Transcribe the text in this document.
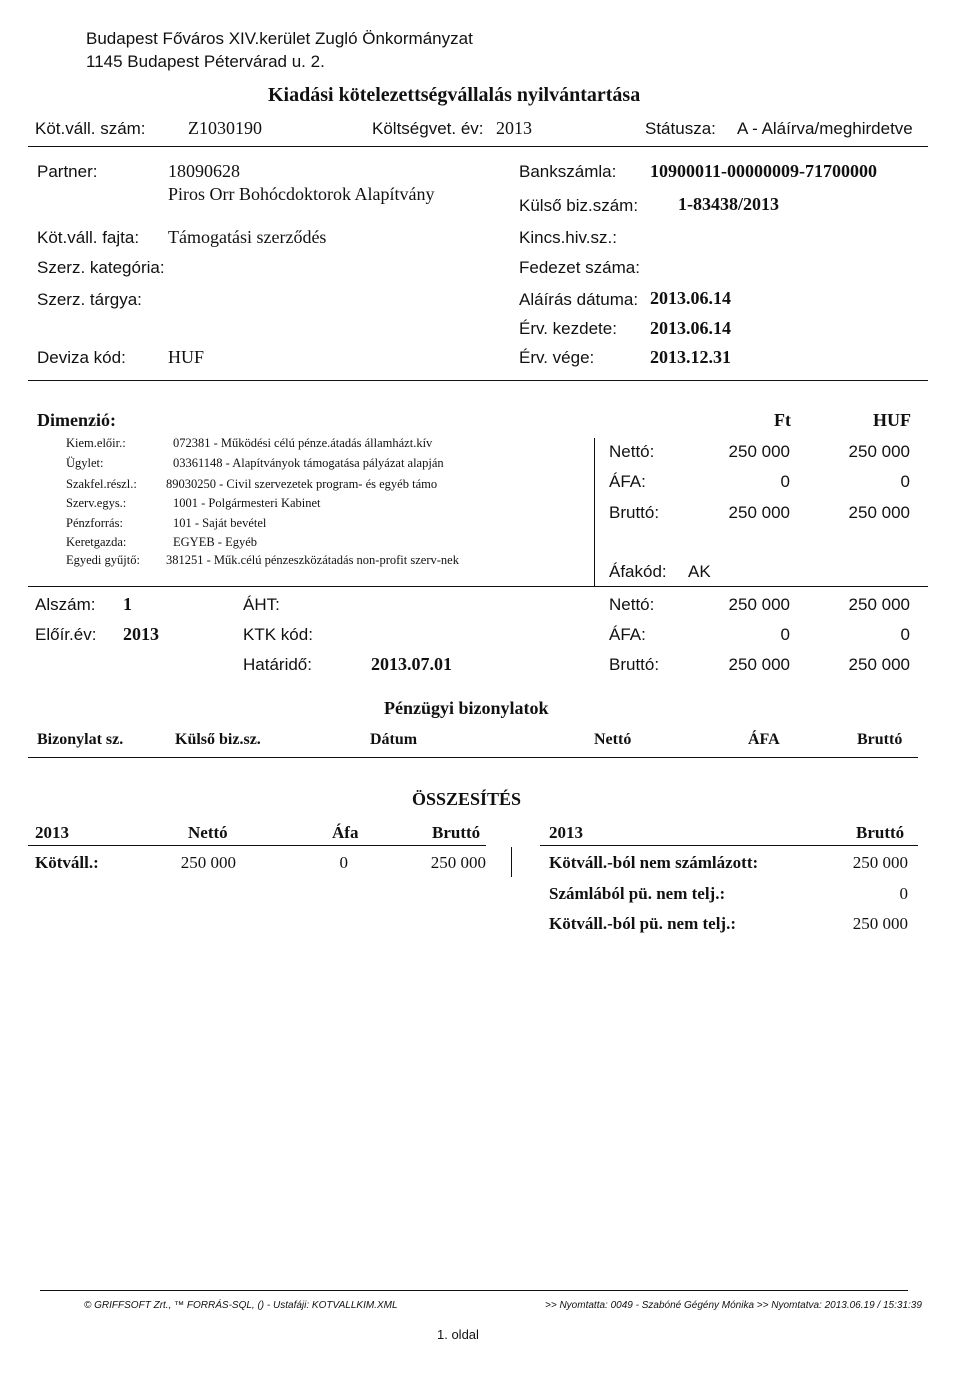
Budapest Főváros XIV.kerület Zugló Önkormányzat
1145 Budapest Pétervárad u. 2.
Kiadási kötelezettségvállalás nyilvántartása
Köt.váll. szám: Z1030190	Költségvet. év: 2013	Státusza: A - Aláírva/meghirdetve
Partner:	18090628
Piros Orr Bohócdoktorok Alapítvány
Köt.váll. fajta: Támogatási szerződés
Szerz. kategória:
Szerz. tárgya:
Deviza kód: HUF
Bankszámla: 10900011-00000009-71700000
Külső biz.szám: 1-83438/2013
Kincs.hiv.sz.:
Fedezet száma:
Aláírás dátuma: 2013.06.14
Érv. kezdete: 2013.06.14
Érv. vége:	2013.12.31
Dimenzió:	Ft	HUF
Kiem.előir.:	072381 - Működési célú pénze.átadás államházt.kív
Ügylet:	03361148 - Alapítványok támogatása pályázat alapján
Szakfel.részl.: 89030250 - Civil szervezetek program- és egyéb támo
Szerv.egys.:	1001 - Polgármesteri Kabinet
Pénzforrás:	101 - Saját bevétel
Keretgazda:	EGYEB - Egyéb
Egyedi gyűjtő: 381251 - Műk.célú pénzeszközátadás non-profit szerv-nek
Nettó:	250 000	250 000
ÁFA:	0	0
Bruttó:	250 000	250 000
Áfakód: AK
Alszám: 1
Előír.év: 2013
ÁHT:
KTK kód:
Határidő:	2013.07.01
Nettó:	250 000	250 000
ÁFA:	0	0
Bruttó:	250 000	250 000
Pénzügyi bizonylatok
Bizonylat sz.	Külső biz.sz.	Dátum	Nettó	ÁFA	Bruttó
ÖSSZESÍTÉS
2013	Nettó	Áfa	Bruttó
Kötváll.:	250 000	0	250 000
2013	Bruttó
Kötváll.-ból nem számlázott:	250 000
Számlából pü. nem telj.:	0
Kötváll.-ból pü. nem telj.:	250 000
© GRIFFSOFT Zrt., ™ FORRÁS-SQL, () - Ustafáji: KOTVALLKIM.XML	>> Nyomtatta: 0049 - Szabóné Gégény Mónika >> Nyomtatva: 2013.06.19 / 15:31:39
1. oldal
